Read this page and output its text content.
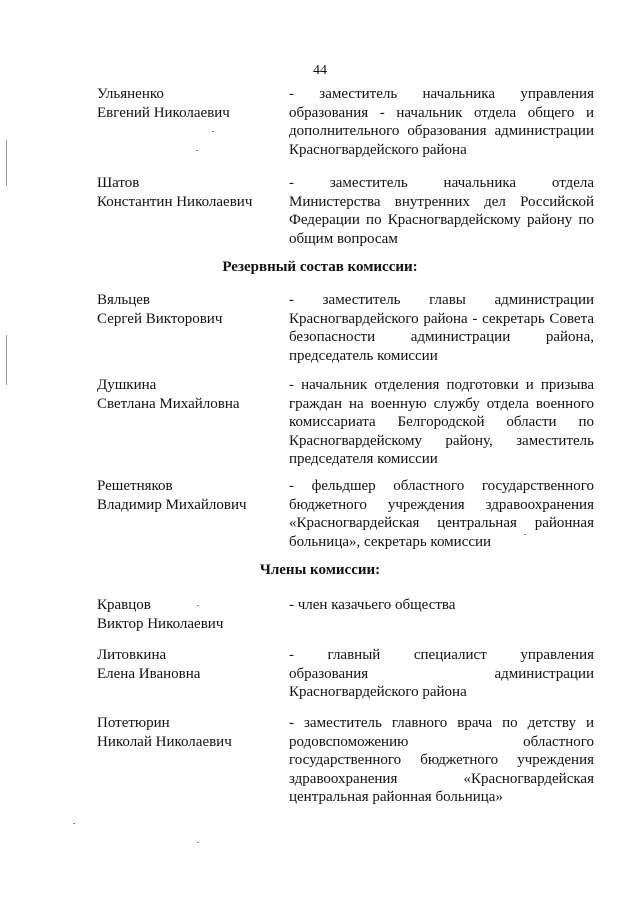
44
Ульяненко
Евгений Николаевич
- заместитель начальника управления
образования - начальник отдела общего и
дополнительного образования администрации
Красногвардейского района
Шатов
Константин Николаевич
- заместитель начальника отдела
Министерства внутренних дел Российской
Федерации по Красногвардейскому району по
общим вопросам
Резервный состав комиссии:
Вяльцев
Сергей Викторович
- заместитель главы администрации
Красногвардейского района - секретарь Совета
безопасности администрации района,
председатель комиссии
Душкина
Светлана Михайловна
- начальник отделения подготовки и призыва
граждан на военную службу отдела военного
комиссариата Белгородской области по
Красногвардейскому району, заместитель
председателя комиссии
Решетняков
Владимир Михайлович
- фельдшер областного государственного
бюджетного учреждения здравоохранения
«Красногвардейская центральная районная
больница», секретарь комиссии
Члены комиссии:
Кравцов
Виктор Николаевич
- член казачьего общества
Литовкина
Елена Ивановна
- главный специалист управления
образования администрации
Красногвардейского района
Потетюрин
Николай Николаевич
- заместитель главного врача по детству и
родовспоможению областного
государственного бюджетного учреждения
здравоохранения «Красногвардейская
центральная районная больница»
